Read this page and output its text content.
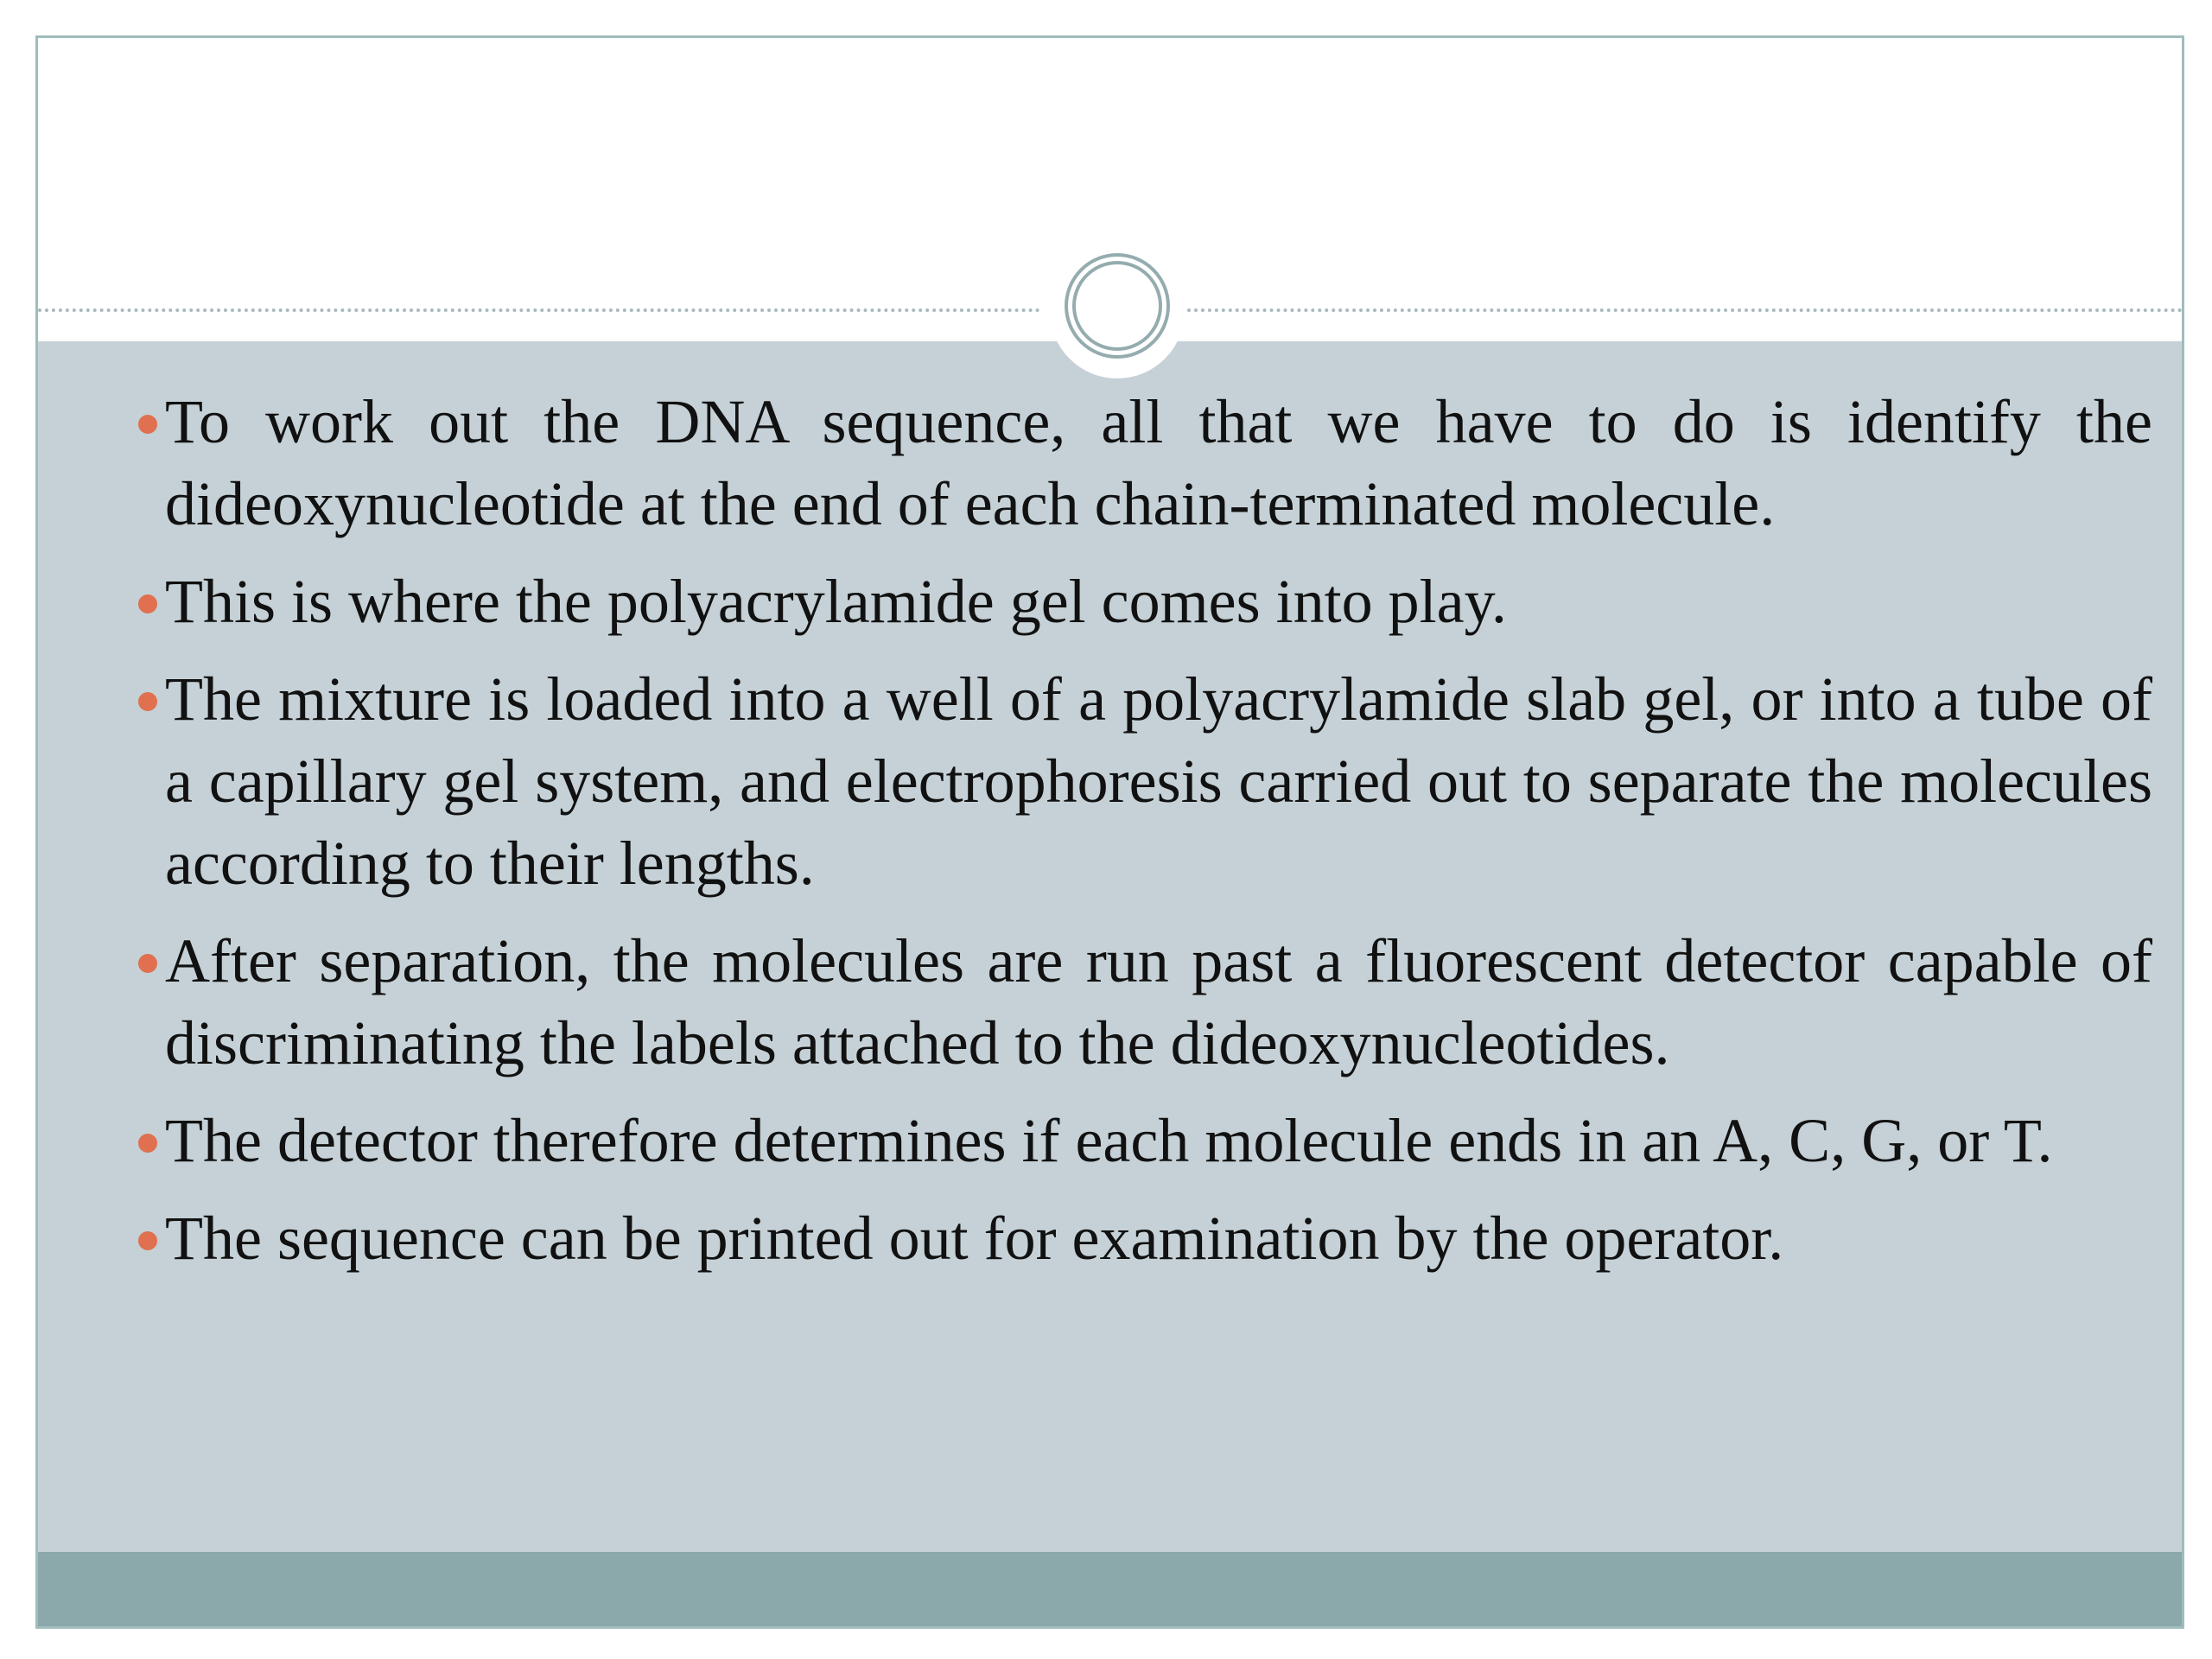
To work out the DNA sequence, all that we have to do is identify the dideoxynucleotide at the end of each chain-terminated molecule.
This is where the polyacrylamide gel comes into play.
The mixture is loaded into a well of a polyacrylamide slab gel, or into a tube of a capillary gel system, and electrophoresis carried out to separate the molecules according to their lengths.
After separation, the molecules are run past a fluorescent detector capable of discriminating the labels attached to the dideoxynucleotides.
The detector therefore determines if each molecule ends in an A, C, G, or T.
The sequence can be printed out for examination by the operator.
